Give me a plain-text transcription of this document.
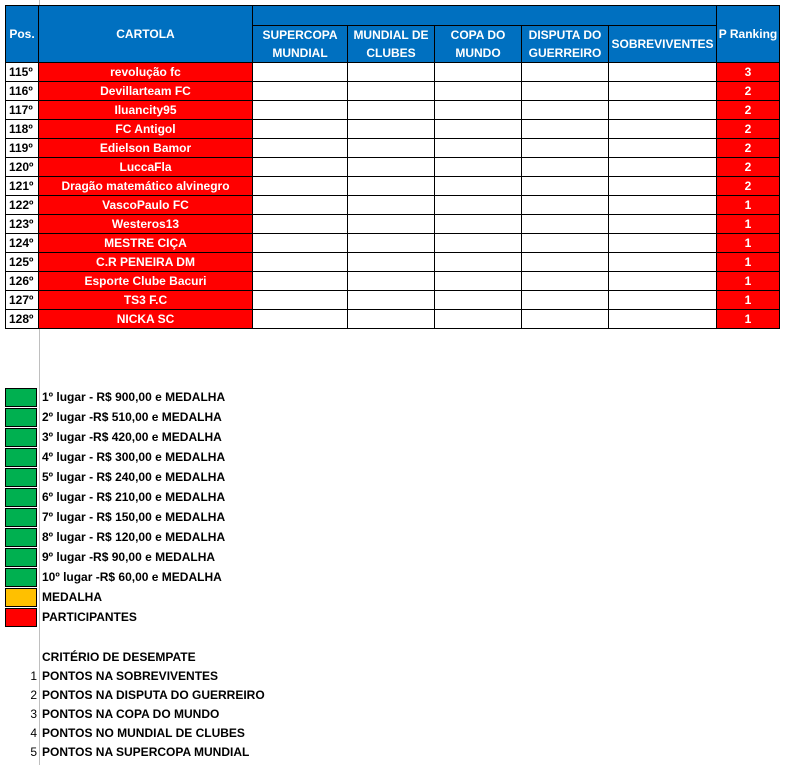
Pos.	CARTOLA						P Ranking
		SUPERCOPA MUNDIAL	MUNDIAL DE CLUBES	COPA DO MUNDO	DISPUTA DO GUERREIRO	SOBREVIVENTES	
115º	revolução fc						3
116º	Devillarteam FC						2
117º	Iluancity95						2
118º	FC Antigol						2
119º	Edielson Bamor						2
120º	LuccaFla						2
121º	Dragão matemático alvinegro						2
122º	VascoPaulo FC						1
123º	Westeros13						1
124º	MESTRE CIÇA						1
125º	C.R PENEIRA DM						1
126º	Esporte Clube Bacuri						1
127º	TS3 F.C						1
128º	NICKA SC						1
1º lugar - R$ 900,00 e MEDALHA
2º lugar -R$ 510,00 e MEDALHA
3º lugar -R$ 420,00 e MEDALHA
4º lugar - R$ 300,00 e MEDALHA
5º lugar - R$ 240,00 e MEDALHA
6º lugar - R$ 210,00 e MEDALHA
7º lugar - R$ 150,00 e MEDALHA
8º lugar - R$ 120,00 e MEDALHA
9º lugar -R$ 90,00 e MEDALHA
10º lugar -R$ 60,00 e MEDALHA
MEDALHA
PARTICIPANTES
CRITÉRIO DE DESEMPATE
1 PONTOS NA SOBREVIVENTES
2 PONTOS NA DISPUTA DO GUERREIRO
3 PONTOS NA COPA DO MUNDO
4 PONTOS NO MUNDIAL DE CLUBES
5 PONTOS NA SUPERCOPA MUNDIAL
